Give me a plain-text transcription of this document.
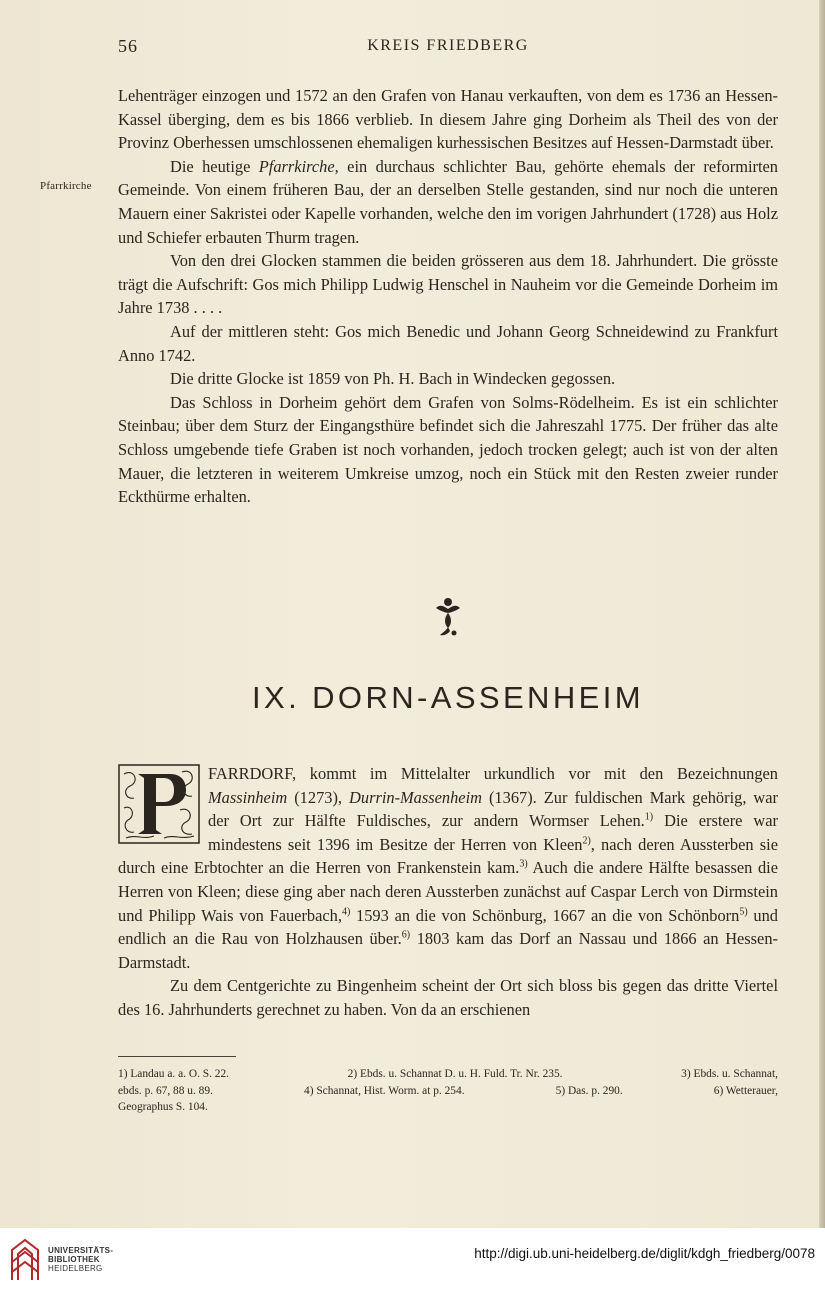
56	KREIS FRIEDBERG
Pfarrkirche

Lehenträger einzogen und 1572 an den Grafen von Hanau verkauften, von dem es 1736 an Hessen-Kassel überging, dem es bis 1866 verblieb. In diesem Jahre ging Dorheim als Theil des von der Provinz Oberhessen umschlossenen ehemaligen kurhessischen Besitzes auf Hessen-Darmstadt über.

Die heutige Pfarrkirche, ein durchaus schlichter Bau, gehörte ehemals der reformirten Gemeinde. Von einem früheren Bau, der an derselben Stelle gestanden, sind nur noch die unteren Mauern einer Sakristei oder Kapelle vorhanden, welche den im vorigen Jahrhundert (1728) aus Holz und Schiefer erbauten Thurm tragen.

Von den drei Glocken stammen die beiden grösseren aus dem 18. Jahrhundert. Die grösste trägt die Aufschrift: Gos mich Philipp Ludwig Henschel in Nauheim vor die Gemeinde Dorheim im Jahre 1738 . . . .

Auf der mittleren steht: Gos mich Benedic und Johann Georg Schneidewind zu Frankfurt Anno 1742.

Die dritte Glocke ist 1859 von Ph. H. Bach in Windecken gegossen.

Das Schloss in Dorheim gehört dem Grafen von Solms-Rödelheim. Es ist ein schlichter Steinbau; über dem Sturz der Eingangsthüre befindet sich die Jahreszahl 1775. Der früher das alte Schloss umgebende tiefe Graben ist noch vorhanden, jedoch trocken gelegt; auch ist von der alten Mauer, die letzteren in weiterem Umkreise umzog, noch ein Stück mit den Resten zweier runder Eckthürme erhalten.

IX. DORN-ASSENHEIM
P

FARRDORF, kommt im Mittelalter urkundlich vor mit den Bezeichnungen Massinheim (1273), Durrin-Massenheim (1367). Zur fuldischen Mark gehörig, war der Ort zur Hälfte Fuldisches, zur andern Wormser Lehen.$^{1)}$ Die erstere war mindestens seit 1396 im Besitze der Herren von Kleen$^{2)}$, nach deren Aussterben sie durch eine Erbtochter an die Herren von Frankenstein kam.$^{3)}$ Auch die andere Hälfte besassen die Herren von Kleen; diese ging aber nach deren Aussterben zunächst auf Caspar Lerch von Dirmstein und Philipp Wais von Fauerbach,$^{4)}$ 1593 an die von Schönburg, 1667 an die von Schönborn$^{5)}$ und endlich an die Rau von Holzhausen über.$^{6)}$ 1803 kam das Dorf an Nassau und 1866 an Hessen-Darmstadt.

Zu dem Centgerichte zu Bingenheim scheint der Ort sich bloss bis gegen das dritte Viertel des 16. Jahrhunderts gerechnet zu haben. Von da an erschienen

1) Landau a. a. O. S. 22.	2) Ebds. u. Schannat D. u. H. Fuld. Tr. Nr. 235.	3) Ebds. u. Schannat,
ebds. p. 67, 88 u. 89.	4) Schannat, Hist. Worm. at p. 254.	5) Das. p. 290.	6) Wetterauer,
Geographus S. 104.
UNIVERSITÄTS-
BIBLIOTHEK
HEIDELBERG
http://digi.ub.uni-heidelberg.de/diglit/kdgh_friedberg/0078
